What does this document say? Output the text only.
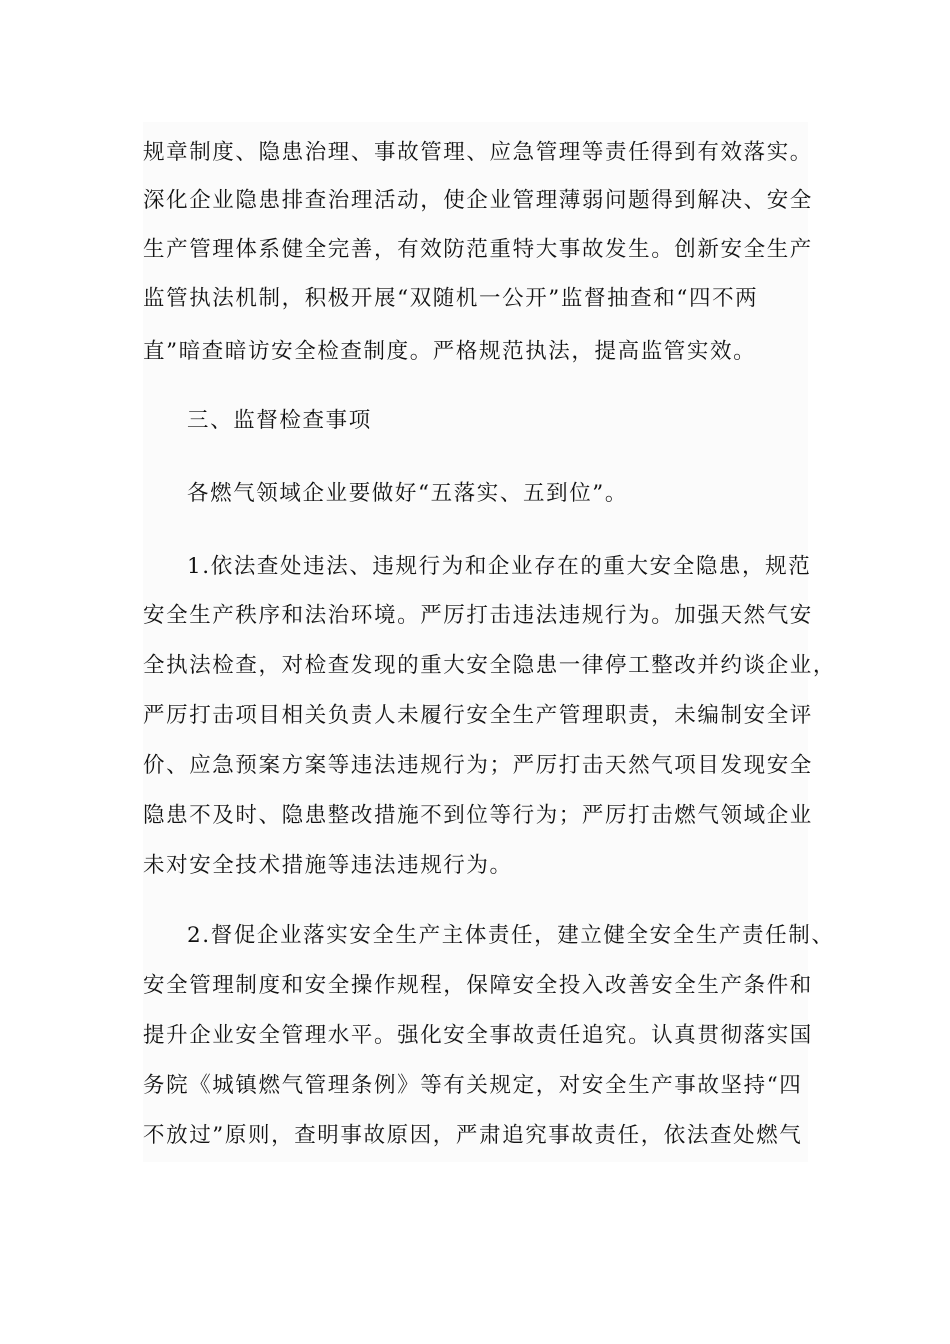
规章制度、隐患治理、事故管理、应急管理等责任得到有效落实。
深化企业隐患排查治理活动，使企业管理薄弱问题得到解决、安全
生产管理体系健全完善，有效防范重特大事故发生。创新安全生产
监管执法机制，积极开展“双随机一公开”监督抽查和“四不两
直”暗查暗访安全检查制度。严格规范执法，提高监管实效。
三、监督检查事项
各燃气领域企业要做好“五落实、五到位”。
1.依法查处违法、违规行为和企业存在的重大安全隐患，规范
安全生产秩序和法治环境。严厉打击违法违规行为。加强天然气安
全执法检查，对检查发现的重大安全隐患一律停工整改并约谈企业，
严厉打击项目相关负责人未履行安全生产管理职责，未编制安全评
价、应急预案方案等违法违规行为；严厉打击天然气项目发现安全
隐患不及时、隐患整改措施不到位等行为；严厉打击燃气领域企业
未对安全技术措施等违法违规行为。
2.督促企业落实安全生产主体责任，建立健全安全生产责任制、
安全管理制度和安全操作规程，保障安全投入改善安全生产条件和
提升企业安全管理水平。强化安全事故责任追究。认真贯彻落实国
务院《城镇燃气管理条例》等有关规定，对安全生产事故坚持“四
不放过”原则，查明事故原因，严肃追究事故责任，依法查处燃气
